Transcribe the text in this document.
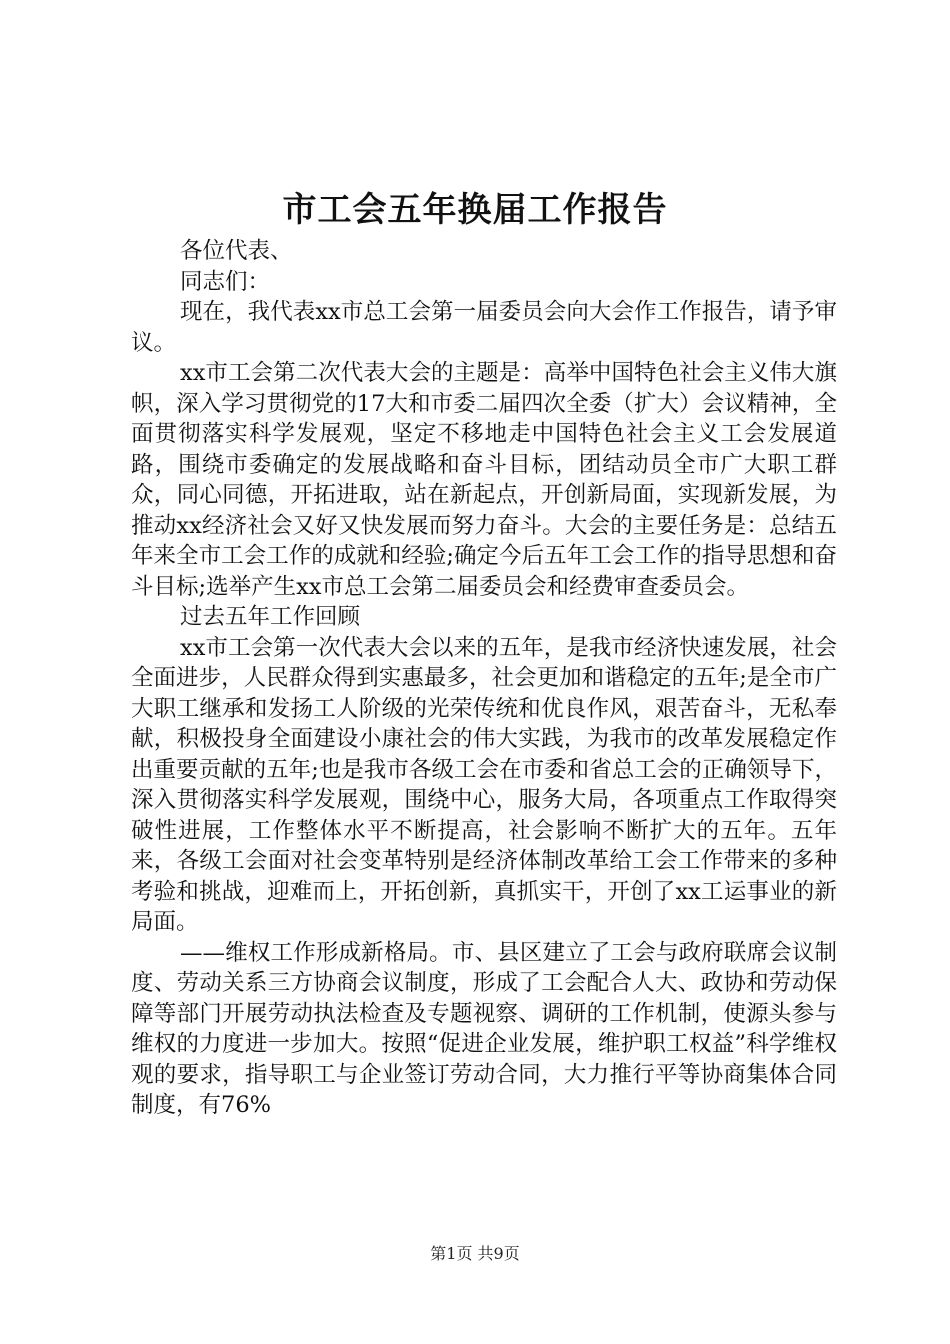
市工会五年换届工作报告

各位代表、

同志们：

现在，我代表xx市总工会第一届委员会向大会作工作报告，请予审议。

xx市工会第二次代表大会的主题是：高举中国特色社会主义伟大旗帜，深入学习贯彻党的17大和市委二届四次全委（扩大）会议精神，全面贯彻落实科学发展观，坚定不移地走中国特色社会主义工会发展道路，围绕市委确定的发展战略和奋斗目标，团结动员全市广大职工群众，同心同德，开拓进取，站在新起点，开创新局面，实现新发展，为推动xx经济社会又好又快发展而努力奋斗。大会的主要任务是：总结五年来全市工会工作的成就和经验;确定今后五年工会工作的指导思想和奋斗目标;选举产生xx市总工会第二届委员会和经费审查委员会。

过去五年工作回顾

xx市工会第一次代表大会以来的五年，是我市经济快速发展，社会全面进步，人民群众得到实惠最多，社会更加和谐稳定的五年;是全市广大职工继承和发扬工人阶级的光荣传统和优良作风，艰苦奋斗，无私奉献，积极投身全面建设小康社会的伟大实践，为我市的改革发展稳定作出重要贡献的五年;也是我市各级工会在市委和省总工会的正确领导下，深入贯彻落实科学发展观，围绕中心，服务大局，各项重点工作取得突破性进展，工作整体水平不断提高，社会影响不断扩大的五年。五年来，各级工会面对社会变革特别是经济体制改革给工会工作带来的多种考验和挑战，迎难而上，开拓创新，真抓实干，开创了xx工运事业的新局面。

——维权工作形成新格局。市、县区建立了工会与政府联席会议制度、劳动关系三方协商会议制度，形成了工会配合人大、政协和劳动保障等部门开展劳动执法检查及专题视察、调研的工作机制，使源头参与维权的力度进一步加大。按照“促进企业发展，维护职工权益”科学维权观的要求，指导职工与企业签订劳动合同，大力推行平等协商集体合同制度，有76%

第1页 共9页
